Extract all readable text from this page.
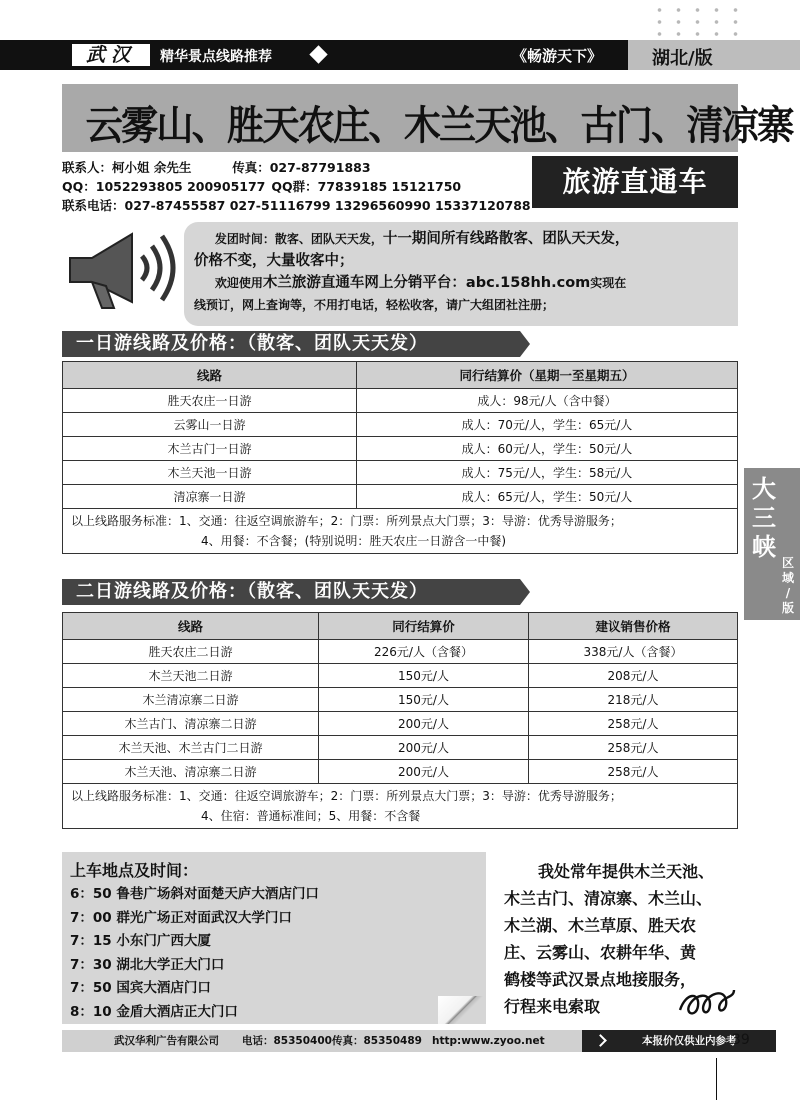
武汉	精华景点线路推荐	《畅游天下》	湖北/版
云雾山、胜天农庄、木兰天池、古门、清凉寨
联系人：柯小姐 余先生	传真：027-87791883
QQ：1052293805 200905177 QQ群：77839185 15121750
联系电话：027-87455587 027-51116799 13296560990 15337120788
旅游直通车
发团时间：散客、团队天天发，十一期间所有线路散客、团队天天发，
价格不变，大量收客中；
欢迎使用木兰旅游直通车网上分销平台：abc.158hh.com实现在
线预订，网上查询等，不用打电话，轻松收客，请广大组团社注册；
一日游线路及价格：（散客、团队天天发）
线路	同行结算价（星期一至星期五）
胜天农庄一日游	成人：98元/人（含中餐）
云雾山一日游	成人：70元/人，学生：65元/人
木兰古门一日游	成人：60元/人，学生：50元/人
木兰天池一日游	成人：75元/人，学生：58元/人
清凉寨一日游	成人：65元/人，学生：50元/人

以上线路服务标准：1、交通：往返空调旅游车；2：门票：所列景点大门票；3：导游：优秀导游服务；
4、用餐：不含餐；(特别说明：胜天农庄一日游含一中餐)	
二日游线路及价格：（散客、团队天天发）
线路	同行结算价	建议销售价格
胜天农庄二日游	226元/人（含餐）	338元/人（含餐）
木兰天池二日游	150元/人	208元/人
木兰清凉寨二日游	150元/人	218元/人
木兰古门、清凉寨二日游	200元/人	258元/人
木兰天池、木兰古门二日游	200元/人	258元/人
木兰天池、清凉寨二日游	200元/人	258元/人

以上线路服务标准：1、交通：往返空调旅游车；2：门票：所列景点大门票；3：导游：优秀导游服务；
4、住宿：普通标准间；5、用餐：不含餐		
大
三
峡
区
域
/
版
上车地点及时间：
6：50 鲁巷广场斜对面楚天庐大酒店门口
7：00 群光广场正对面武汉大学门口
7：15 小东门广西大厦
7：30 湖北大学正大门口
7：50 国宾大酒店门口
8：10 金盾大酒店正大门口
我处常年提供木兰天池、
木兰古门、清凉寨、木兰山、
木兰湖、木兰草原、胜天农
庄、云雾山、农耕年华、黄
鹤楼等武汉景点地接服务，
行程来电索取
武汉华利广告有限公司 电话：85350400 传真：85350489 http:www.zyoo.net	本报价仅供业内参考
39
